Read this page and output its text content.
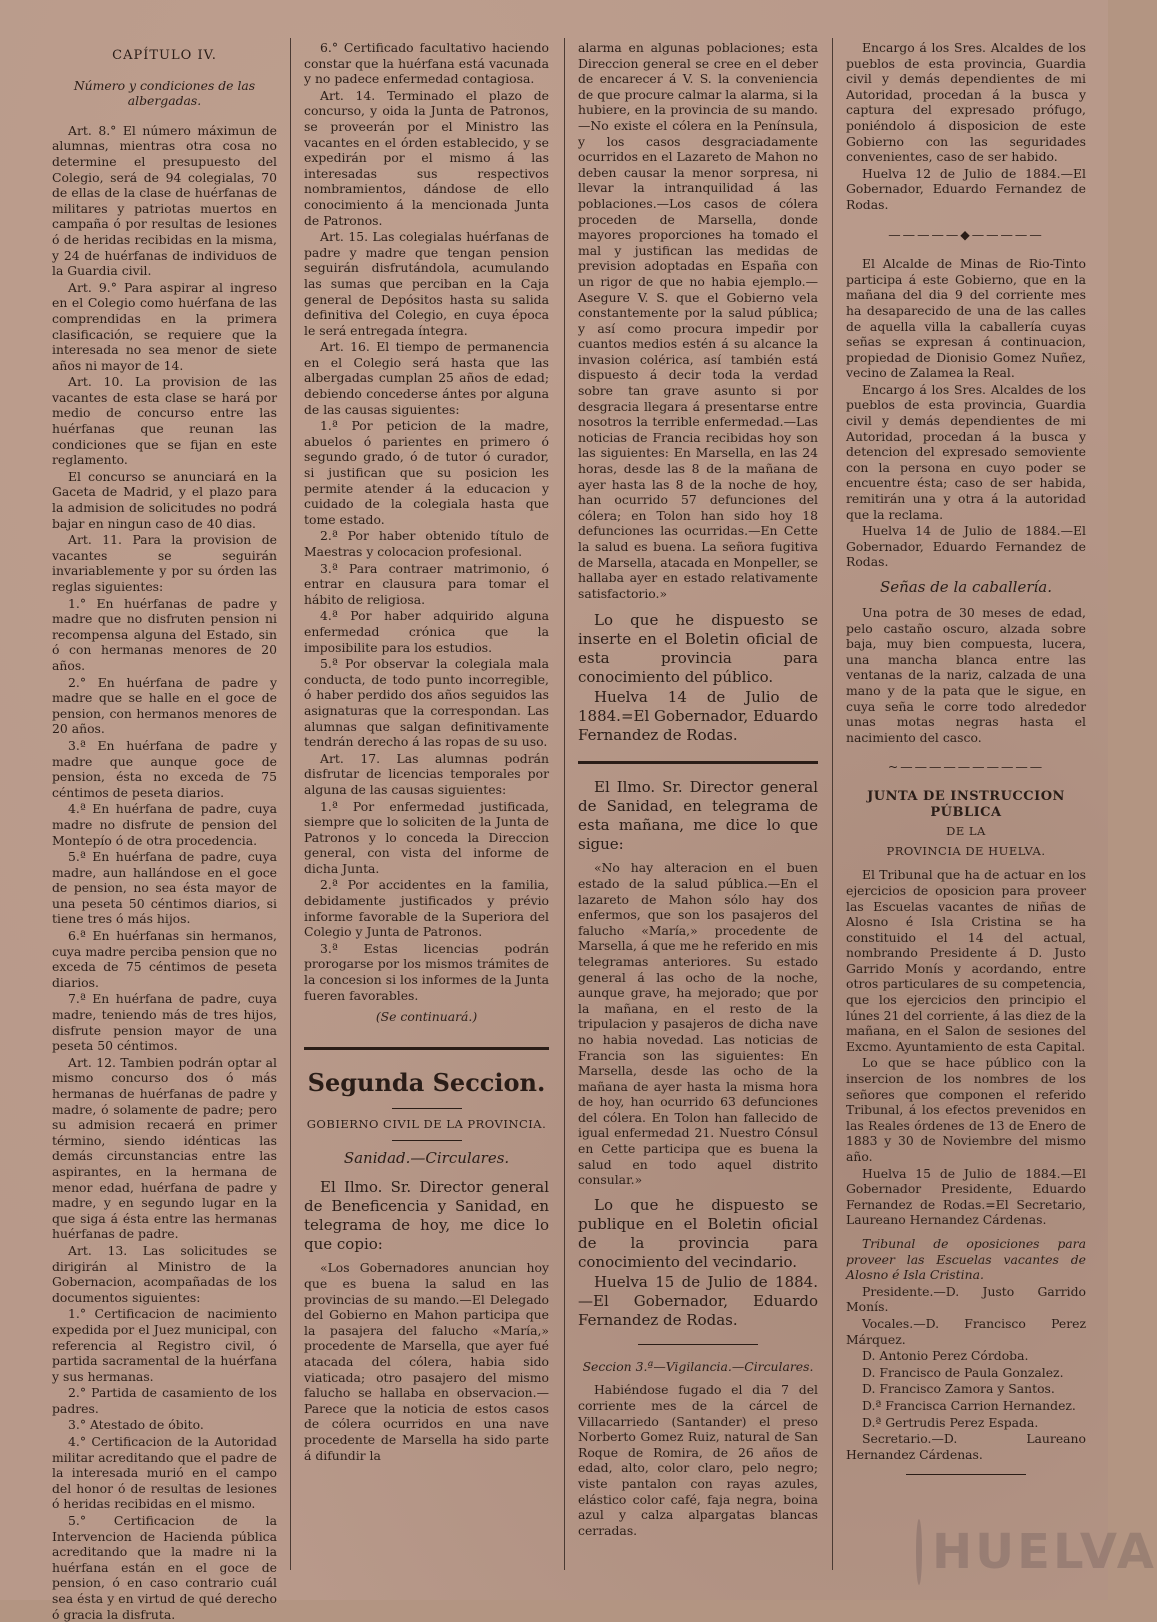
CAPÍTULO IV.

Número y condiciones de las albergadas.

Art. 8.° El número máximun de alumnas, mientras otra cosa no determine el presupuesto del Colegio, será de 94 colegialas, 70 de ellas de la clase de huérfanas de militares y patriotas muertos en campaña ó por resultas de lesiones ó de heridas recibidas en la misma, y 24 de huérfanas de individuos de la Guardia civil.

Art. 9.° Para aspirar al ingreso en el Colegio como huérfana de las comprendidas en la primera clasificación, se requiere que la interesada no sea menor de siete años ni mayor de 14.

Art. 10. La provision de las vacantes de esta clase se hará por medio de concurso entre las huérfanas que reunan las condiciones que se fijan en este reglamento.

El concurso se anunciará en la Gaceta de Madrid, y el plazo para la admision de solicitudes no podrá bajar en ningun caso de 40 dias.

Art. 11. Para la provision de vacantes se seguirán invariablemente y por su órden las reglas siguientes:

1.° En huérfanas de padre y madre que no disfruten pension ni recompensa alguna del Estado, sin ó con hermanas menores de 20 años.

2.° En huérfana de padre y madre que se halle en el goce de pension, con hermanos menores de 20 años.

3.ª En huérfana de padre y madre que aunque goce de pension, ésta no exceda de 75 céntimos de peseta diarios.

4.ª En huérfana de padre, cuya madre no disfrute de pension del Montepío ó de otra procedencia.

5.ª En huérfana de padre, cuya madre, aun hallándose en el goce de pension, no sea ésta mayor de una peseta 50 céntimos diarios, si tiene tres ó más hijos.

6.ª En huérfanas sin hermanos, cuya madre perciba pension que no exceda de 75 céntimos de peseta diarios.

7.ª En huérfana de padre, cuya madre, teniendo más de tres hijos, disfrute pension mayor de una peseta 50 céntimos.

Art. 12. Tambien podrán optar al mismo concurso dos ó más hermanas de huérfanas de padre y madre, ó solamente de padre; pero su admision recaerá en primer término, siendo idénticas las demás circunstancias entre las aspirantes, en la hermana de menor edad, huérfana de padre y madre, y en segundo lugar en la que siga á ésta entre las hermanas huérfanas de padre.

Art. 13. Las solicitudes se dirigirán al Ministro de la Gobernacion, acompañadas de los documentos siguientes:

1.° Certificacion de nacimiento expedida por el Juez municipal, con referencia al Registro civil, ó partida sacramental de la huérfana y sus hermanas.

2.° Partida de casamiento de los padres.

3.° Atestado de óbito.

4.° Certificacion de la Autoridad militar acreditando que el padre de la interesada murió en el campo del honor ó de resultas de lesiones ó heridas recibidas en el mismo.

5.° Certificacion de la Intervencion de Hacienda pública acreditando que la madre ni la huérfana están en el goce de pension, ó en caso contrario cuál sea ésta y en virtud de qué derecho ó gracia la disfruta.

6.° Certificado facultativo haciendo constar que la huérfana está vacunada y no padece enfermedad contagiosa.

Art. 14. Terminado el plazo de concurso, y oida la Junta de Patronos, se proveerán por el Ministro las vacantes en el órden establecido, y se expedirán por el mismo á las interesadas sus respectivos nombramientos, dándose de ello conocimiento á la mencionada Junta de Patronos.

Art. 15. Las colegialas huérfanas de padre y madre que tengan pension seguirán disfrutándola, acumulando las sumas que perciban en la Caja general de Depósitos hasta su salida definitiva del Colegio, en cuya época le será entregada íntegra.

Art. 16. El tiempo de permanencia en el Colegio será hasta que las albergadas cumplan 25 años de edad; debiendo concederse ántes por alguna de las causas siguientes:

1.ª Por peticion de la madre, abuelos ó parientes en primero ó segundo grado, ó de tutor ó curador, si justifican que su posicion les permite atender á la educacion y cuidado de la colegiala hasta que tome estado.

2.ª Por haber obtenido título de Maestras y colocacion profesional.

3.ª Para contraer matrimonio, ó entrar en clausura para tomar el hábito de religiosa.

4.ª Por haber adquirido alguna enfermedad crónica que la imposibilite para los estudios.

5.ª Por observar la colegiala mala conducta, de todo punto incorregible, ó haber perdido dos años seguidos las asignaturas que la correspondan. Las alumnas que salgan definitivamente tendrán derecho á las ropas de su uso.

Art. 17. Las alumnas podrán disfrutar de licencias temporales por alguna de las causas siguientes:

1.ª Por enfermedad justificada, siempre que lo soliciten de la Junta de Patronos y lo conceda la Direccion general, con vista del informe de dicha Junta.

2.ª Por accidentes en la familia, debidamente justificados y prévio informe favorable de la Superiora del Colegio y Junta de Patronos.

3.ª Estas licencias podrán prorogarse por los mismos trámites de la concesion si los informes de la Junta fueren favorables.

(Se continuará.)

Segunda Seccion.

GOBIERNO CIVIL DE LA PROVINCIA.

Sanidad.—Circulares.

El Ilmo. Sr. Director general de Beneficencia y Sanidad, en telegrama de hoy, me dice lo que copio:

«Los Gobernadores anuncian hoy que es buena la salud en las provincias de su mando.—El Delegado del Gobierno en Mahon participa que la pasajera del falucho «María,» procedente de Marsella, que ayer fué atacada del cólera, habia sido viaticada; otro pasajero del mismo falucho se hallaba en observacion.—Parece que la noticia de estos casos de cólera ocurridos en una nave procedente de Marsella ha sido parte á difundir la

alarma en algunas poblaciones; esta Direccion general se cree en el deber de encarecer á V. S. la conveniencia de que procure calmar la alarma, si la hubiere, en la provincia de su mando.—No existe el cólera en la Península, y los casos desgraciadamente ocurridos en el Lazareto de Mahon no deben causar la menor sorpresa, ni llevar la intranquilidad á las poblaciones.—Los casos de cólera proceden de Marsella, donde mayores proporciones ha tomado el mal y justifican las medidas de prevision adoptadas en España con un rigor de que no habia ejemplo.—Asegure V. S. que el Gobierno vela constantemente por la salud pública; y así como procura impedir por cuantos medios estén á su alcance la invasion colérica, así también está dispuesto á decir toda la verdad sobre tan grave asunto si por desgracia llegara á presentarse entre nosotros la terrible enfermedad.—Las noticias de Francia recibidas hoy son las siguientes: En Marsella, en las 24 horas, desde las 8 de la mañana de ayer hasta las 8 de la noche de hoy, han ocurrido 57 defunciones del cólera; en Tolon han sido hoy 18 defunciones las ocurridas.—En Cette la salud es buena. La señora fugitiva de Marsella, atacada en Monpeller, se hallaba ayer en estado relativamente satisfactorio.»

Lo que he dispuesto se inserte en el Boletin oficial de esta provincia para conocimiento del público.

Huelva 14 de Julio de 1884.=El Gobernador, Eduardo Fernandez de Rodas.

El Ilmo. Sr. Director general de Sanidad, en telegrama de esta mañana, me dice lo que sigue:

«No hay alteracion en el buen estado de la salud pública.—En el lazareto de Mahon sólo hay dos enfermos, que son los pasajeros del falucho «María,» procedente de Marsella, á que me he referido en mis telegramas anteriores. Su estado general á las ocho de la noche, aunque grave, ha mejorado; que por la mañana, en el resto de la tripulacion y pasajeros de dicha nave no habia novedad. Las noticias de Francia son las siguientes: En Marsella, desde las ocho de la mañana de ayer hasta la misma hora de hoy, han ocurrido 63 defunciones del cólera. En Tolon han fallecido de igual enfermedad 21. Nuestro Cónsul en Cette participa que es buena la salud en todo aquel distrito consular.»

Lo que he dispuesto se publique en el Boletin oficial de la provincia para conocimiento del vecindario.

Huelva 15 de Julio de 1884.—El Gobernador, Eduardo Fernandez de Rodas.

Seccion 3.ª—Vigilancia.—Circulares.

Habiéndose fugado el dia 7 del corriente mes de la cárcel de Villacarriedo (Santander) el preso Norberto Gomez Ruiz, natural de San Roque de Romira, de 26 años de edad, alto, color claro, pelo negro; viste pantalon con rayas azules, elástico color café, faja negra, boina azul y calza alpargatas blancas cerradas.

Encargo á los Sres. Alcaldes de los pueblos de esta provincia, Guardia civil y demás dependientes de mi Autoridad, procedan á la busca y captura del expresado prófugo, poniéndolo á disposicion de este Gobierno con las seguridades convenientes, caso de ser habido.

Huelva 12 de Julio de 1884.—El Gobernador, Eduardo Fernandez de Rodas.

—————◆—————

El Alcalde de Minas de Rio-Tinto participa á este Gobierno, que en la mañana del dia 9 del corriente mes ha desaparecido de una de las calles de aquella villa la caballería cuyas señas se expresan á continuacion, propiedad de Dionisio Gomez Nuñez, vecino de Zalamea la Real.

Encargo á los Sres. Alcaldes de los pueblos de esta provincia, Guardia civil y demás dependientes de mi Autoridad, procedan á la busca y detencion del expresado semoviente con la persona en cuyo poder se encuentre ésta; caso de ser habida, remitirán una y otra á la autoridad que la reclama.

Huelva 14 de Julio de 1884.—El Gobernador, Eduardo Fernandez de Rodas.

Señas de la caballería.

Una potra de 30 meses de edad, pelo castaño oscuro, alzada sobre baja, muy bien compuesta, lucera, una mancha blanca entre las ventanas de la nariz, calzada de una mano y de la pata que le sigue, en cuya seña le corre todo alrededor unas motas negras hasta el nacimiento del casco.

~——————————

JUNTA DE INSTRUCCION PÚBLICA

DE LA

PROVINCIA DE HUELVA.

El Tribunal que ha de actuar en los ejercicios de oposicion para proveer las Escuelas vacantes de niñas de Alosno é Isla Cristina se ha constituido el 14 del actual, nombrando Presidente á D. Justo Garrido Monís y acordando, entre otros particulares de su competencia, que los ejercicios den principio el lúnes 21 del corriente, á las diez de la mañana, en el Salon de sesiones del Excmo. Ayuntamiento de esta Capital.

Lo que se hace público con la insercion de los nombres de los señores que componen el referido Tribunal, á los efectos prevenidos en las Reales órdenes de 13 de Enero de 1883 y 30 de Noviembre del mismo año.

Huelva 15 de Julio de 1884.—El Gobernador Presidente, Eduardo Fernandez de Rodas.=El Secretario, Laureano Hernandez Cárdenas.

Tribunal de oposiciones para proveer las Escuelas vacantes de Alosno é Isla Cristina.

Presidente.—D. Justo Garrido Monís.

Vocales.—D. Francisco Perez Márquez.

D. Antonio Perez Córdoba.

D. Francisco de Paula Gonzalez.

D. Francisco Zamora y Santos.

D.ª Francisca Carrion Hernandez.

D.ª Gertrudis Perez Espada.

Secretario.—D. Laureano Hernandez Cárdenas.

HUELVA
